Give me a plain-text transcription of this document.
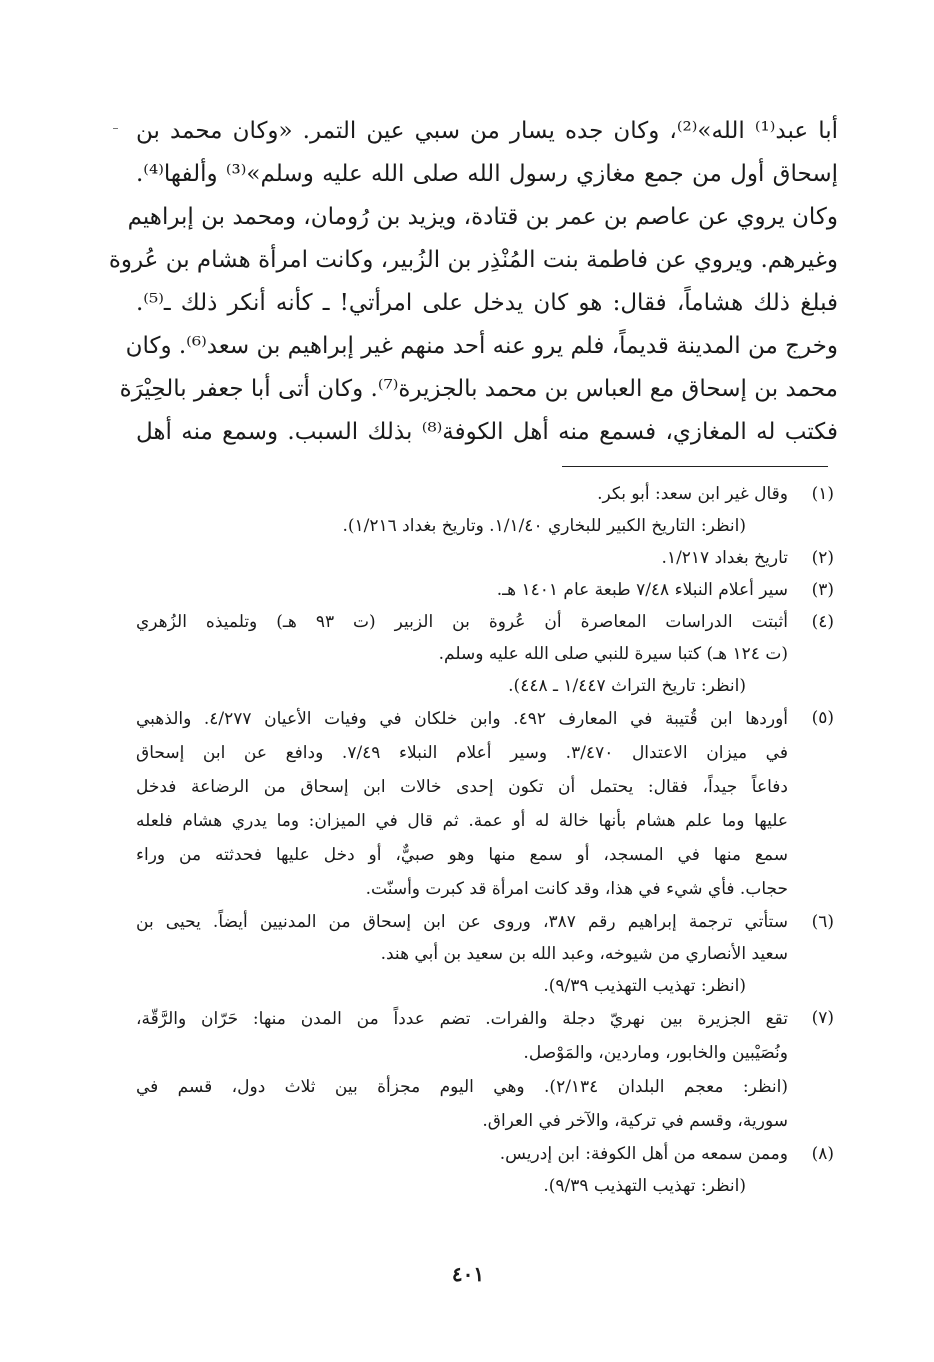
أبا عبد⁽¹⁾ الله»⁽²⁾، وكان جده يسار من سبي عين التمر. «وكان محمد بن
إسحاق أول من جمع مغازي رسول الله صلى الله عليه وسلم»⁽³⁾ وألفها⁽⁴⁾.
وكان يروي عن عاصم بن عمر بن قتادة، ويزيد بن رُومان، ومحمد بن إبراهيم
وغيرهم. ويروي عن فاطمة بنت المُنْذِر بن الزُبير، وكانت امرأة هشام بن عُروة
فبلغ ذلك هشاماً، فقال: هو كان يدخل على امرأتي! ـ كأنه أنكر ذلك ـ⁽⁵⁾.
وخرج من المدينة قديماً، فلم يرو عنه أحد منهم غير إبراهيم بن سعد⁽⁶⁾. وكان
محمد بن إسحاق مع العباس بن محمد بالجزيرة⁽⁷⁾. وكان أتى أبا جعفر بالحِيْرَة
فكتب له المغازي، فسمع منه أهل الكوفة⁽⁸⁾ بذلك السبب. وسمع منه أهل
(١)
وقال غير ابن سعد: أبو بكر.
(انظر: التاريخ الكبير للبخاري ١/١/٤٠. وتاريخ بغداد ١/٢١٦).
(٢)
تاريخ بغداد ١/٢١٧.
(٣)
سير أعلام النبلاء ٧/٤٨ طبعة عام ١٤٠١ هـ.
(٤)
أثبتت الدراسات المعاصرة أن عُروة بن الزبير (ت ٩٣ هـ) وتلميذه الزُهري
(ت ١٢٤ هـ) كتبا سيرة للنبي صلى الله عليه وسلم.
(انظر: تاريخ التراث ١/٤٤٧ ـ ٤٤٨).
(٥)
أوردها ابن قُتيبة في المعارف ٤٩٢. وابن خلكان في وفيات الأعيان ٤/٢٧٧. والذهبي
في ميزان الاعتدال ٣/٤٧٠. وسير أعلام النبلاء ٧/٤٩. ودافع عن ابن إسحاق
دفاعاً جيداً، فقال: يحتمل أن تكون إحدى خالات ابن إسحاق من الرضاعة فدخل
عليها وما علم هشام بأنها خالة له أو عمة. ثم قال في الميزان: وما يدري هشام فلعله
سمع منها في المسجد، أو سمع منها وهو صبيٌّ، أو دخل عليها فحدثته من وراء
حجاب. فأي شيء في هذا، وقد كانت امرأة قد كبرت وأسنّت.
(٦)
ستأتي ترجمة إبراهيم رقم ٣٨٧، وروى عن ابن إسحاق من المدنيين أيضاً. يحيى بن
سعيد الأنصاري من شيوخه، وعبد الله بن سعيد بن أبي هند.
(انظر: تهذيب التهذيب ٩/٣٩).
(٧)
تقع الجزيرة بين نهريّ دجلة والفرات. تضم عدداً من المدن منها: حَرّان والرَّقّة،
ونُصَيْبين والخابور، وماردين، والمَوْصل.
(انظر: معجم البلدان ٢/١٣٤). وهي اليوم مجزأة بين ثلاث دول، قسم في
سورية، وقسم في تركية، والآخر في العراق.
(٨)
وممن سمعه من أهل الكوفة: ابن إدريس.
(انظر: تهذيب التهذيب ٩/٣٩).
٤٠١
